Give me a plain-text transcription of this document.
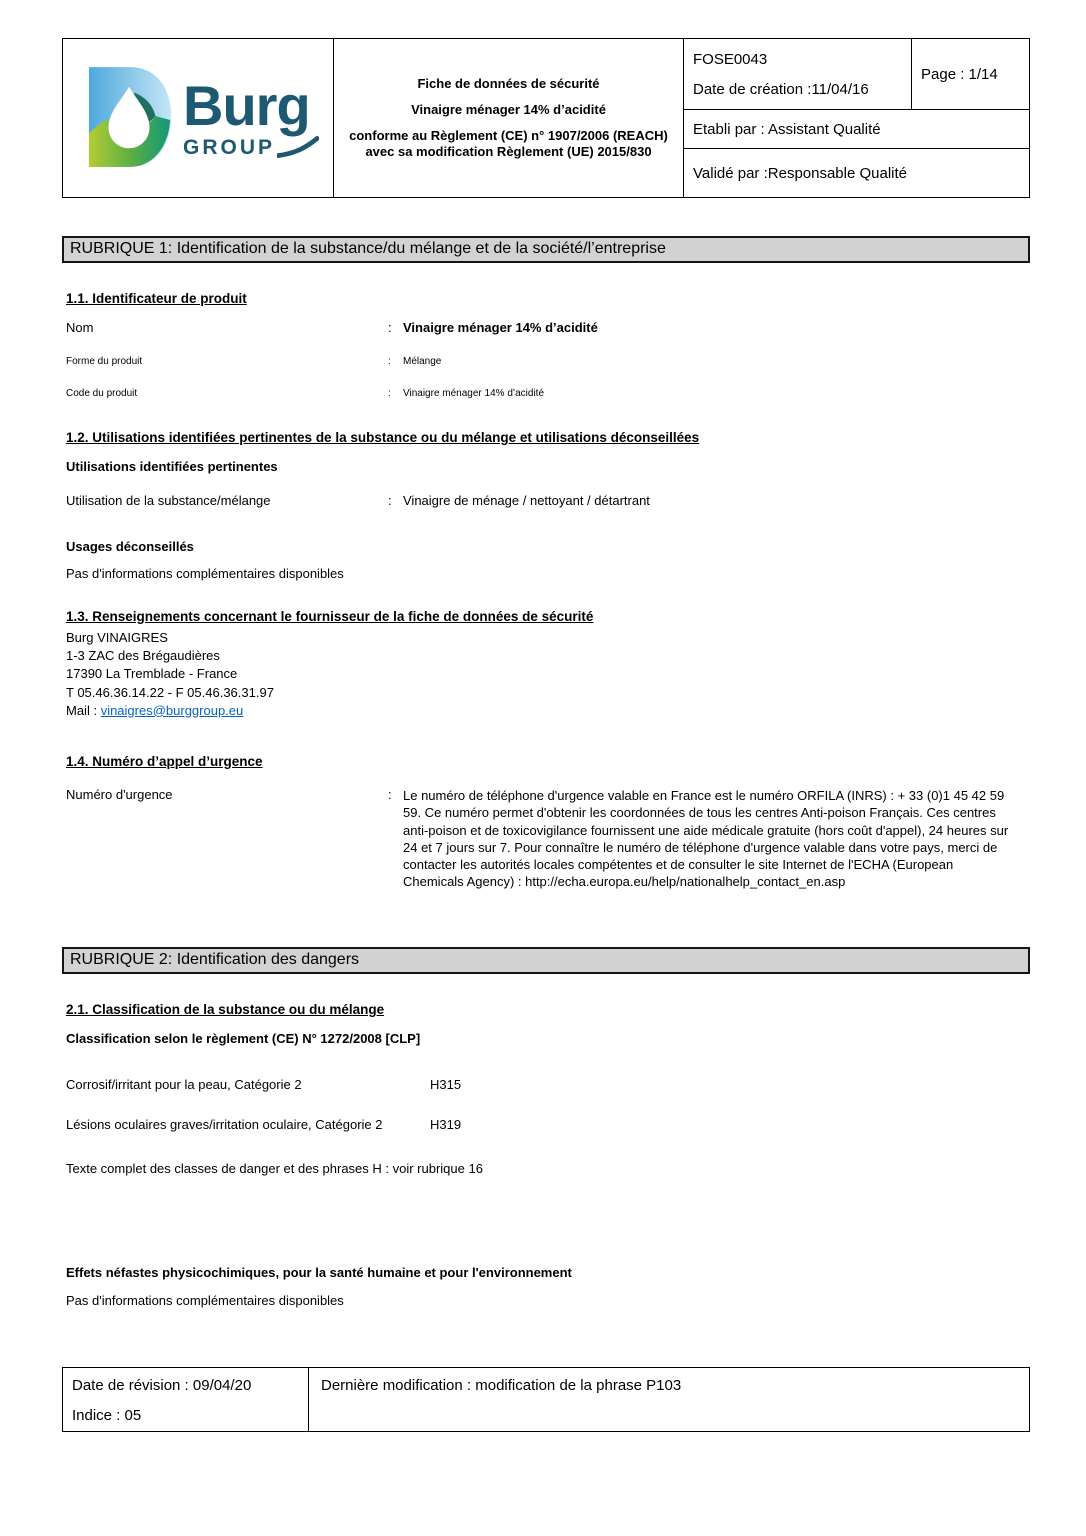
Burg
GROUP
Fiche de données de sécurité
Vinaigre ménager 14% d’acidité
conforme au Règlement (CE) n° 1907/2006 (REACH) avec sa modification Règlement (UE) 2015/830
FOSE0043
Date de création :11/04/16
Page : 1/14
Etabli par : Assistant Qualité
Validé par :Responsable Qualité
RUBRIQUE 1: Identification de la substance/du mélange et de la société/l’entreprise
1.1. Identificateur de produit
Nom	: Vinaigre ménager 14% d’acidité
Forme du produit	: Mélange
Code du produit	: Vinaigre ménager 14% d’acidité
1.2. Utilisations identifiées pertinentes de la substance ou du mélange et utilisations déconseillées
Utilisations identifiées pertinentes
Utilisation de la substance/mélange	: Vinaigre de ménage / nettoyant / détartrant
Usages déconseillés
Pas d'informations complémentaires disponibles
1.3. Renseignements concernant le fournisseur de la fiche de données de sécurité
Burg VINAIGRES
1-3 ZAC des Brégaudières
17390 La Tremblade - France
T 05.46.36.14.22 - F 05.46.36.31.97
Mail : vinaigres@burggroup.eu
1.4. Numéro d’appel d’urgence
Numéro d'urgence	: Le numéro de téléphone d'urgence valable en France est le numéro ORFILA (INRS) : + 33 (0)1 45 42 59 59. Ce numéro permet d'obtenir les coordonnées de tous les centres Anti-poison Français. Ces centres anti-poison et de toxicovigilance fournissent une aide médicale gratuite (hors coût d'appel), 24 heures sur 24 et 7 jours sur 7. Pour connaître le numéro de téléphone d'urgence valable dans votre pays, merci de contacter les autorités locales compétentes et de consulter le site Internet de l'ECHA (European Chemicals Agency) : http://echa.europa.eu/help/nationalhelp_contact_en.asp
RUBRIQUE 2: Identification des dangers
2.1. Classification de la substance ou du mélange
Classification selon le règlement (CE) N° 1272/2008 [CLP]
Corrosif/irritant pour la peau, Catégorie 2	H315
Lésions oculaires graves/irritation oculaire, Catégorie 2	H319
Texte complet des classes de danger et des phrases H : voir rubrique 16
Effets néfastes physicochimiques, pour la santé humaine et pour l'environnement
Pas d'informations complémentaires disponibles
Date de révision : 09/04/20
Indice : 05
Dernière modification : modification de la phrase P103
